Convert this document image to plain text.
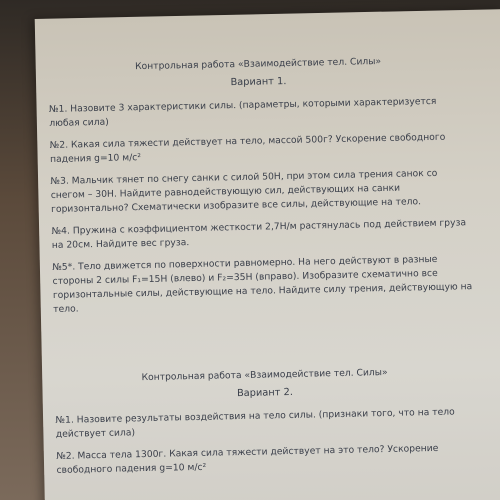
Контрольная работа «Взаимодействие тел. Силы»

Вариант 1.

№1. Назовите 3 характеристики силы. (параметры, которыми характеризуется любая сила)

№2. Какая сила тяжести действует на тело, массой 500г? Ускорение свободного падения g=10 м/с²

№3. Мальчик тянет по снегу санки с силой 50Н, при этом сила трения санок со снегом – 30Н. Найдите равнодействующую сил, действующих на санки горизонтально? Схематически изобразите все силы, действующие на тело.

№4. Пружина с коэффициентом жесткости 2,7Н/м растянулась под действием груза на 20см. Найдите вес груза.

№5*. Тело движется по поверхности равномерно. На него действуют в разные стороны 2 силы F₁=15Н (влево) и F₂=35Н (вправо). Изобразите схематично все горизонтальные силы, действующие на тело. Найдите силу трения, действующую на тело.

Контрольная работа «Взаимодействие тел. Силы»

Вариант 2.

№1. Назовите результаты воздействия на тело силы. (признаки того, что на тело действует сила)

№2. Масса тела 1300г. Какая сила тяжести действует на это тело? Ускорение свободного падения g=10 м/с²
